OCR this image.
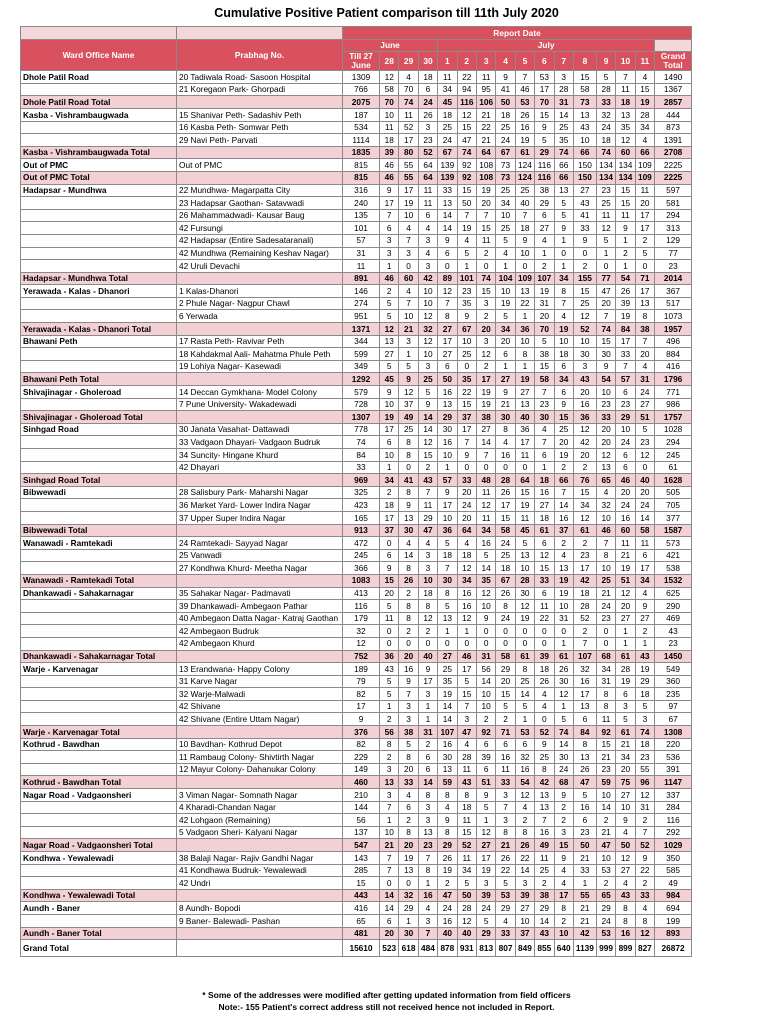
Cumulative Positive Patient comparison till 11th July 2020
		Report Date															
Ward Office Name	Prabhag No.	June				July											
		Till 27 June	28	29	30	1	2	3	4	5	6	7	8	9	10	11	Grand Total

Dhole Patil Road	20 Tadiwala Road- Sasoon Hospital	1309	12	4	18	11	22	11	9	7	53	3	15	5	7	4	1490
	21 Koregaon Park- Ghorpadi	766	58	70	6	34	94	95	41	46	17	28	58	28	11	15	1367
Dhole Patil Road Total		2075	70	74	24	45	116	106	50	53	70	31	73	33	18	19	2857
Kasba - Vishrambaugwada	15 Shanivar Peth- Sadashiv Peth	187	10	11	26	18	12	21	18	26	15	14	13	32	13	28	444
	16 Kasba Peth- Somwar Peth	534	11	52	3	25	15	22	25	16	9	25	43	24	35	34	873
	29 Navi Peth- Parvati	1114	18	17	23	24	47	21	24	19	5	35	10	18	12	4	1391
Kasba - Vishrambaugwada Total		1835	39	80	52	67	74	64	67	61	29	74	66	74	60	66	2708
Out of PMC	Out of PMC	815	46	55	64	139	92	108	73	124	116	66	150	134	134	109	2225
Out of PMC Total		815	46	55	64	139	92	108	73	124	116	66	150	134	134	109	2225
Hadapsar - Mundhwa	22 Mundhwa- Magarpatta City	316	9	17	11	33	15	19	25	25	38	13	27	23	15	11	597
	23 Hadapsar Gaothan- Satavwadi	240	17	19	11	13	50	20	34	40	29	5	43	25	15	20	581
	26 Mahammadwadi- Kausar Baug	135	7	10	6	14	7	7	10	7	6	5	41	11	11	17	294
	42 Fursungi	101	6	4	4	14	19	15	25	18	27	9	33	12	9	17	313
	42 Hadapsar (Entire Sadesataranali)	57	3	7	3	9	4	11	5	9	4	1	9	5	1	2	129
	42 Mundhwa (Remaining Keshav Nagar)	31	3	3	4	6	5	2	4	10	1	0	0	1	2	5	77
	42 Uruli Devachi	11	1	0	3	0	1	0	1	0	2	1	2	0	1	0	23
Hadapsar - Mundhwa Total		891	46	60	42	89	101	74	104	109	107	34	155	77	54	71	2014
Yerawada - Kalas - Dhanori	1 Kalas-Dhanori	146	2	4	10	12	23	15	10	13	19	8	15	47	26	17	367
	2 Phule Nagar- Nagpur Chawl	274	5	7	10	7	35	3	19	22	31	7	25	20	39	13	517
	6 Yerwada	951	5	10	12	8	9	2	5	1	20	4	12	7	19	8	1073
Yerawada - Kalas - Dhanori Total		1371	12	21	32	27	67	20	34	36	70	19	52	74	84	38	1957
Bhawani Peth	17 Rasta Peth- Ravivar Peth	344	13	3	12	17	10	3	20	10	5	10	10	15	17	7	496
	18 Kahdakmal Aali- Mahatma Phule Peth	599	27	1	10	27	25	12	6	8	38	18	30	30	33	20	884
	19 Lohiya Nagar- Kasewadi	349	5	5	3	6	0	2	1	1	15	6	3	9	7	4	416
Bhawani Peth Total		1292	45	9	25	50	35	17	27	19	58	34	43	54	57	31	1796
Shivajinagar - Gholeroad	14 Deccan Gymkhana- Model Colony	579	9	12	5	16	22	19	9	27	7	6	20	10	6	24	771
	7 Pune University- Wakadewadi	728	10	37	9	13	15	19	21	13	23	9	16	23	23	27	986
Shivajinagar - Gholeroad Total		1307	19	49	14	29	37	38	30	40	30	15	36	33	29	51	1757
Sinhgad Road	30 Janata Vasahat- Dattawadi	778	17	25	14	30	17	27	8	36	4	25	12	20	10	5	1028
	33 Vadgaon Dhayari- Vadgaon Budruk	74	6	8	12	16	7	14	4	17	7	20	42	20	24	23	294
	34 Suncity- Hingane Khurd	84	10	8	15	10	9	7	16	11	6	19	20	12	6	12	245
	42 Dhayari	33	1	0	2	1	0	0	0	0	1	2	2	13	6	0	61
Sinhgad Road Total		969	34	41	43	57	33	48	28	64	18	66	76	65	46	40	1628
Bibwewadi	28 Salisbury Park- Maharshi Nagar	325	2	8	7	9	20	11	26	15	16	7	15	4	20	20	505
	36 Market Yard- Lower Indira Nagar	423	18	9	11	17	24	12	17	19	27	14	34	32	24	24	705
	37 Upper Super Indira Nagar	165	17	13	29	10	20	11	15	11	18	16	12	10	16	14	377
Bibwewadi Total		913	37	30	47	36	64	34	58	45	61	37	61	46	60	58	1587
Wanawadi - Ramtekadi	24 Ramtekadi- Sayyad Nagar	472	0	4	4	5	4	16	24	5	6	2	2	7	11	11	573
	25 Vanwadi	245	6	14	3	18	18	5	25	13	12	4	23	8	21	6	421
	27 Kondhwa Khurd- Meetha Nagar	366	9	8	3	7	12	14	18	10	15	13	17	10	19	17	538
Wanawadi - Ramtekadi Total		1083	15	26	10	30	34	35	67	28	33	19	42	25	51	34	1532
Dhankawadi - Sahakarnagar	35 Sahakar Nagar- Padmavati	413	20	2	18	8	16	12	26	30	6	19	18	21	12	4	625
	39 Dhankawadi- Ambegaon Pathar	116	5	8	8	5	16	10	8	12	11	10	28	24	20	9	290
	40 Ambegaon Datta Nagar- Katraj Gaothan	179	11	8	12	13	12	9	24	19	22	31	52	23	27	27	469
	42 Ambegaon Budruk	32	0	2	2	1	1	0	0	0	0	0	2	0	1	2	43
	42 Ambegaon Khurd	12	0	0	0	0	0	0	0	0	0	1	7	0	1	1	23
Dhankawadi - Sahakarnagar Total		752	36	20	40	27	46	31	58	61	39	61	107	68	61	43	1450
Warje - Karvenagar	13 Erandwana- Happy Colony	189	43	16	9	25	17	56	29	8	18	26	32	34	28	19	549
	31 Karve Nagar	79	5	9	17	35	5	14	20	25	26	30	16	31	19	29	360
	32 Warje-Malwadi	82	5	7	3	19	15	10	15	14	4	12	17	8	6	18	235
	42 Shivane	17	1	3	1	14	7	10	5	5	4	1	13	8	3	5	97
	42 Shivane (Entire Uttam Nagar)	9	2	3	1	14	3	2	2	1	0	5	6	11	5	3	67
Warje - Karvenagar Total		376	56	38	31	107	47	92	71	53	52	74	84	92	61	74	1308
Kothrud - Bawdhan	10 Bavdhan- Kothrud Depot	82	8	5	2	16	4	6	6	6	9	14	8	15	21	18	220
	11 Rambaug Colony- Shivtirth Nagar	229	2	8	6	30	28	39	16	32	25	30	13	21	34	23	536
	12 Mayur Colony- Dahanukar Colony	149	3	20	6	13	11	6	11	16	8	24	26	23	20	55	391
Kothrud - Bawdhan Total		460	13	33	14	59	43	51	33	54	42	68	47	59	75	96	1147
Nagar Road - Vadgaonsheri	3 Viman Nagar- Somnath Nagar	210	3	4	8	8	8	9	3	12	13	9	5	10	27	12	337
	4 Kharadi-Chandan Nagar	144	7	6	3	4	18	5	7	4	13	2	16	14	10	31	284
	42 Lohgaon (Remaining)	56	1	2	3	9	11	1	3	2	7	2	6	2	9	2	116
	5 Vadgaon Sheri- Kalyani Nagar	137	10	8	13	8	15	12	8	8	16	3	23	21	4	7	292
Nagar Road - Vadgaonsheri Total		547	21	20	23	29	52	27	21	26	49	15	50	47	50	52	1029
Kondhwa - Yewalewadi	38 Balaji Nagar- Rajiv Gandhi Nagar	143	7	19	7	26	11	17	26	22	11	9	21	10	12	9	350
	41 Kondhawa Budruk- Yewalewadi	285	7	13	8	19	34	19	22	14	25	4	33	53	27	22	585
	42 Undri	15	0	0	1	2	5	3	5	3	2	4	1	2	4	2	49
Kondhwa - Yewalewadi Total		443	14	32	16	47	50	39	53	39	38	17	55	65	43	33	984
Aundh - Baner	8 Aundh- Bopodi	416	14	29	4	24	28	24	29	27	29	8	21	29	8	4	694
	9 Baner- Balewadi- Pashan	65	6	1	3	16	12	5	4	10	14	2	21	24	8	8	199
Aundh - Baner Total		481	20	30	7	40	40	29	33	37	43	10	42	53	16	12	893
Grand Total		15610	523	618	484	878	931	813	807	849	855	640	1139	999	899	827	26872
* Some of the addresses were modified after getting updated information from field officers
Note:- 155 Patient's correct address still not received hence not included in Report.
